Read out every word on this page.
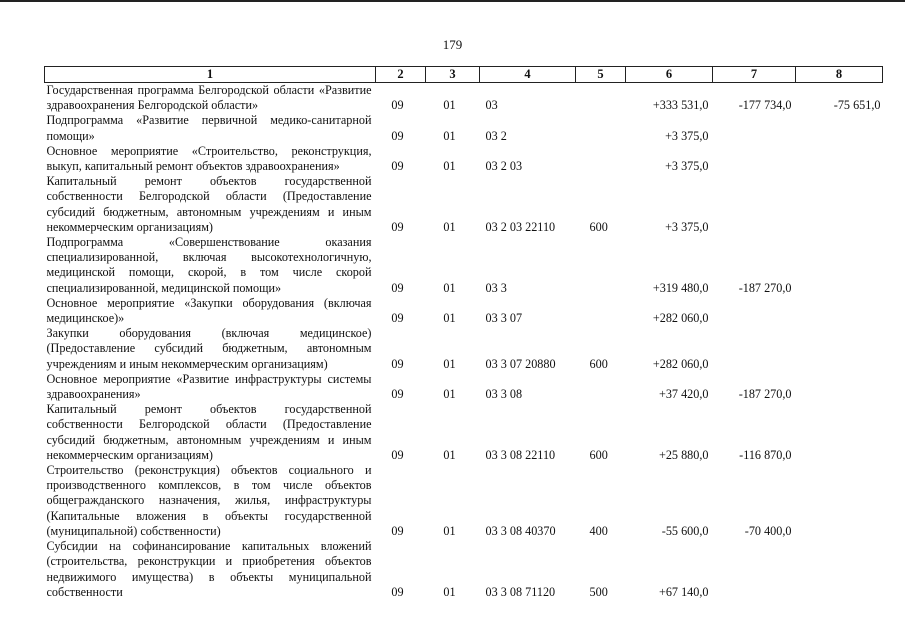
179
1	2	3	4	5	6	7	8
Государственная программа Белгородской области «Развитие здравоохранения Белгородской области»	09	01	03		+333 531,0	-177 734,0	-75 651,0
Подпрограмма «Развитие первичной медико-санитарной помощи»	09	01	03 2		+3 375,0		
Основное мероприятие «Строительство, реконструкция, выкуп, капитальный ремонт объектов здравоохранения»	09	01	03 2 03		+3 375,0		
Капитальный ремонт объектов государственной собственности Белгородской области (Предоставление субсидий бюджетным, автономным учреждениям и иным некоммерческим организациям)	09	01	03 2 03 22110	600	+3 375,0		
Подпрограмма «Совершенствование оказания специализированной, включая высокотехнологичную, медицинской помощи, скорой, в том числе скорой специализированной, медицинской помощи»	09	01	03 3		+319 480,0	-187 270,0	
Основное мероприятие «Закупки оборудования (включая медицинское)»	09	01	03 3 07		+282 060,0		
Закупки оборудования (включая медицинское) (Предоставление субсидий бюджетным, автономным учреждениям и иным некоммерческим организациям)	09	01	03 3 07 20880	600	+282 060,0		
Основное мероприятие «Развитие инфраструктуры системы здравоохранения»	09	01	03 3 08		+37 420,0	-187 270,0	
Капитальный ремонт объектов государственной собственности Белгородской области (Предоставление субсидий бюджетным, автономным учреждениям и иным некоммерческим организациям)	09	01	03 3 08 22110	600	+25 880,0	-116 870,0	
Строительство (реконструкция) объектов социального и производственного комплексов, в том числе объектов общегражданского назначения, жилья, инфраструктуры (Капитальные вложения в объекты государственной (муниципальной) собственности)	09	01	03 3 08 40370	400	-55 600,0	-70 400,0	
Субсидии на софинансирование капитальных вложений (строительства, реконструкции и приобретения объектов недвижимого имущества) в объекты муниципальной собственности	09	01	03 3 08 71120	500	+67 140,0		
